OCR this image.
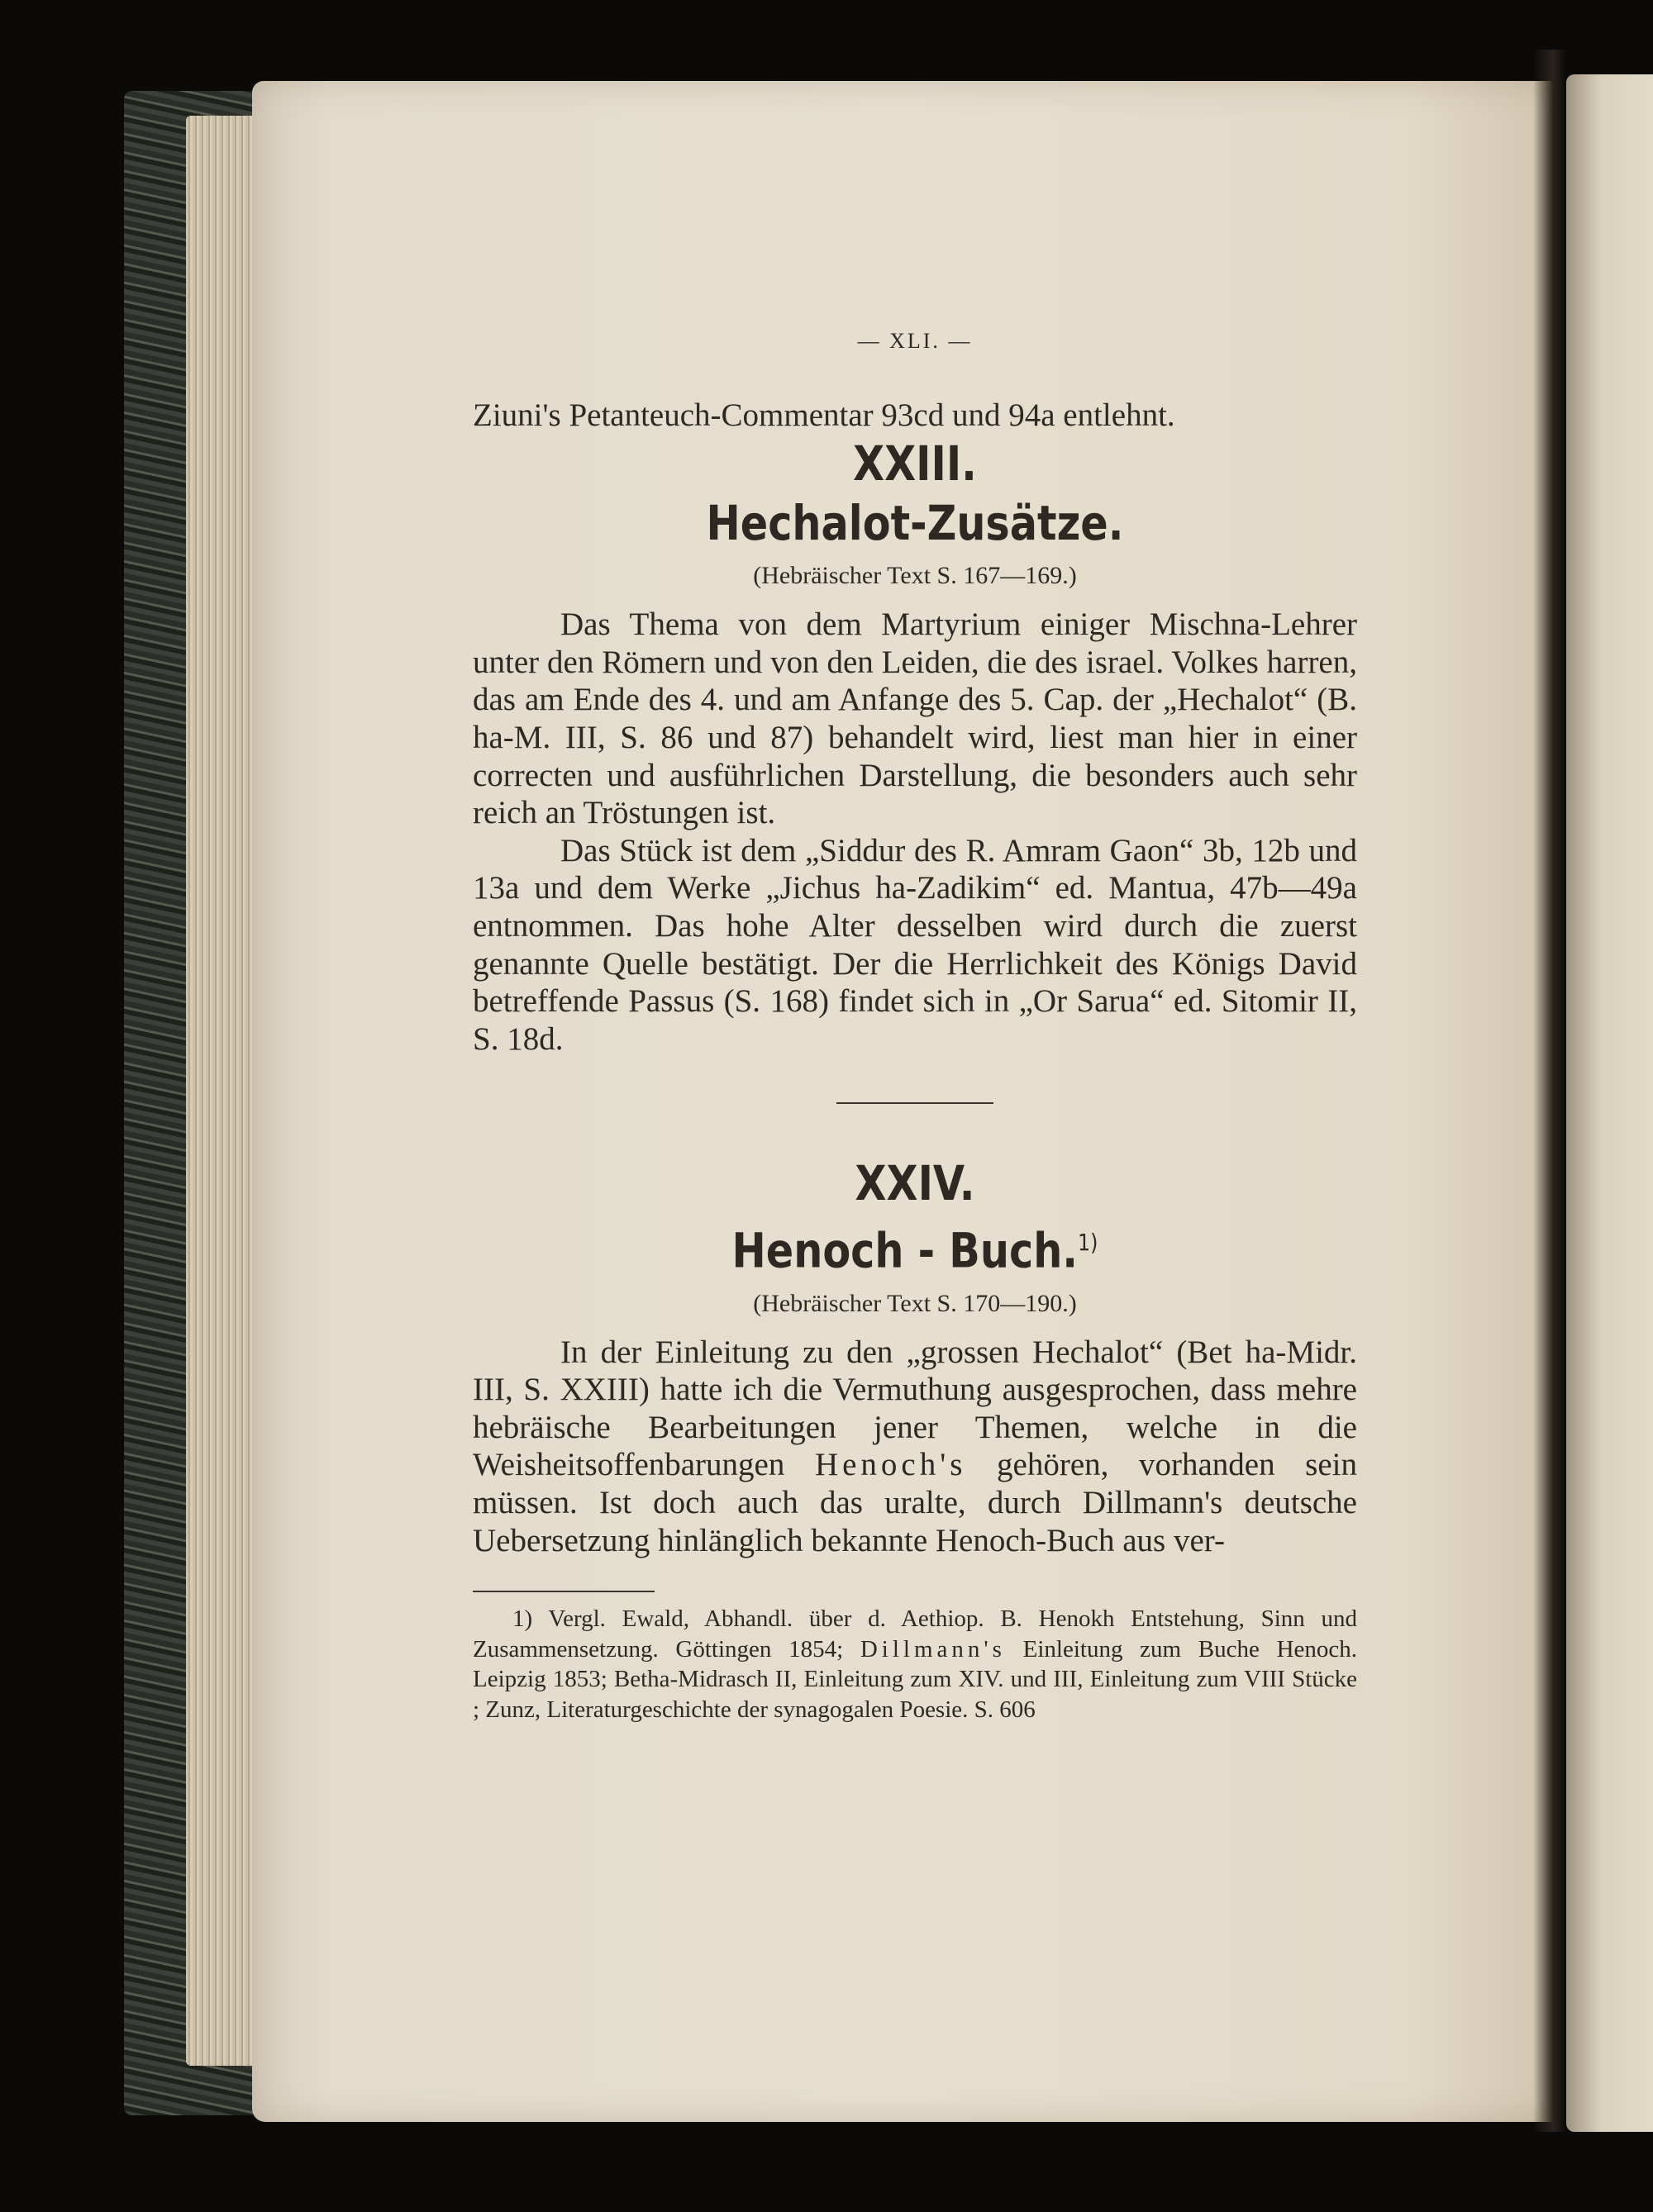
— XLI. —

Ziuni's Petanteuch-Commentar 93cd und 94a entlehnt.

XXIII.

Hechalot-Zusätze.

(Hebräischer Text S. 167—169.)

Das Thema von dem Martyrium einiger Mischna-Lehrer unter den Römern und von den Leiden, die des israel. Volkes harren, das am Ende des 4. und am Anfange des 5. Cap. der „Hechalot“ (B. ha-M. III, S. 86 und 87) behandelt wird, liest man hier in einer correcten und ausführlichen Darstellung, die besonders auch sehr reich an Tröstungen ist.

Das Stück ist dem „Siddur des R. Amram Gaon“ 3b, 12b und 13a und dem Werke „Jichus ha-Zadikim“ ed. Mantua, 47b—49a entnommen. Das hohe Alter desselben wird durch die zuerst genannte Quelle bestätigt. Der die Herrlichkeit des Königs David betreffende Passus (S. 168) findet sich in „Or Sarua“ ed. Sitomir II, S. 18d.

XXIV.

Henoch - Buch.$^{1)}$

(Hebräischer Text S. 170—190.)

In der Einleitung zu den „grossen Hechalot“ (Bet ha-Midr. III, S. XXIII) hatte ich die Vermuthung ausgesprochen, dass mehre hebräische Bearbeitungen jener Themen, welche in die Weisheitsoffenbarungen Henoch's gehören, vorhanden sein müssen. Ist doch auch das uralte, durch Dillmann's deutsche Uebersetzung hinlänglich bekannte Henoch-Buch aus ver-

1) Vergl. Ewald, Abhandl. über d. Aethiop. B. Henokh Entstehung, Sinn und Zusammensetzung. Göttingen 1854; Dillmann's Einleitung zum Buche Henoch. Leipzig 1853; Betha-Midrasch II, Einleitung zum XIV. und III, Einleitung zum VIII Stücke ; Zunz, Literaturgeschichte der synagogalen Poesie. S. 606
